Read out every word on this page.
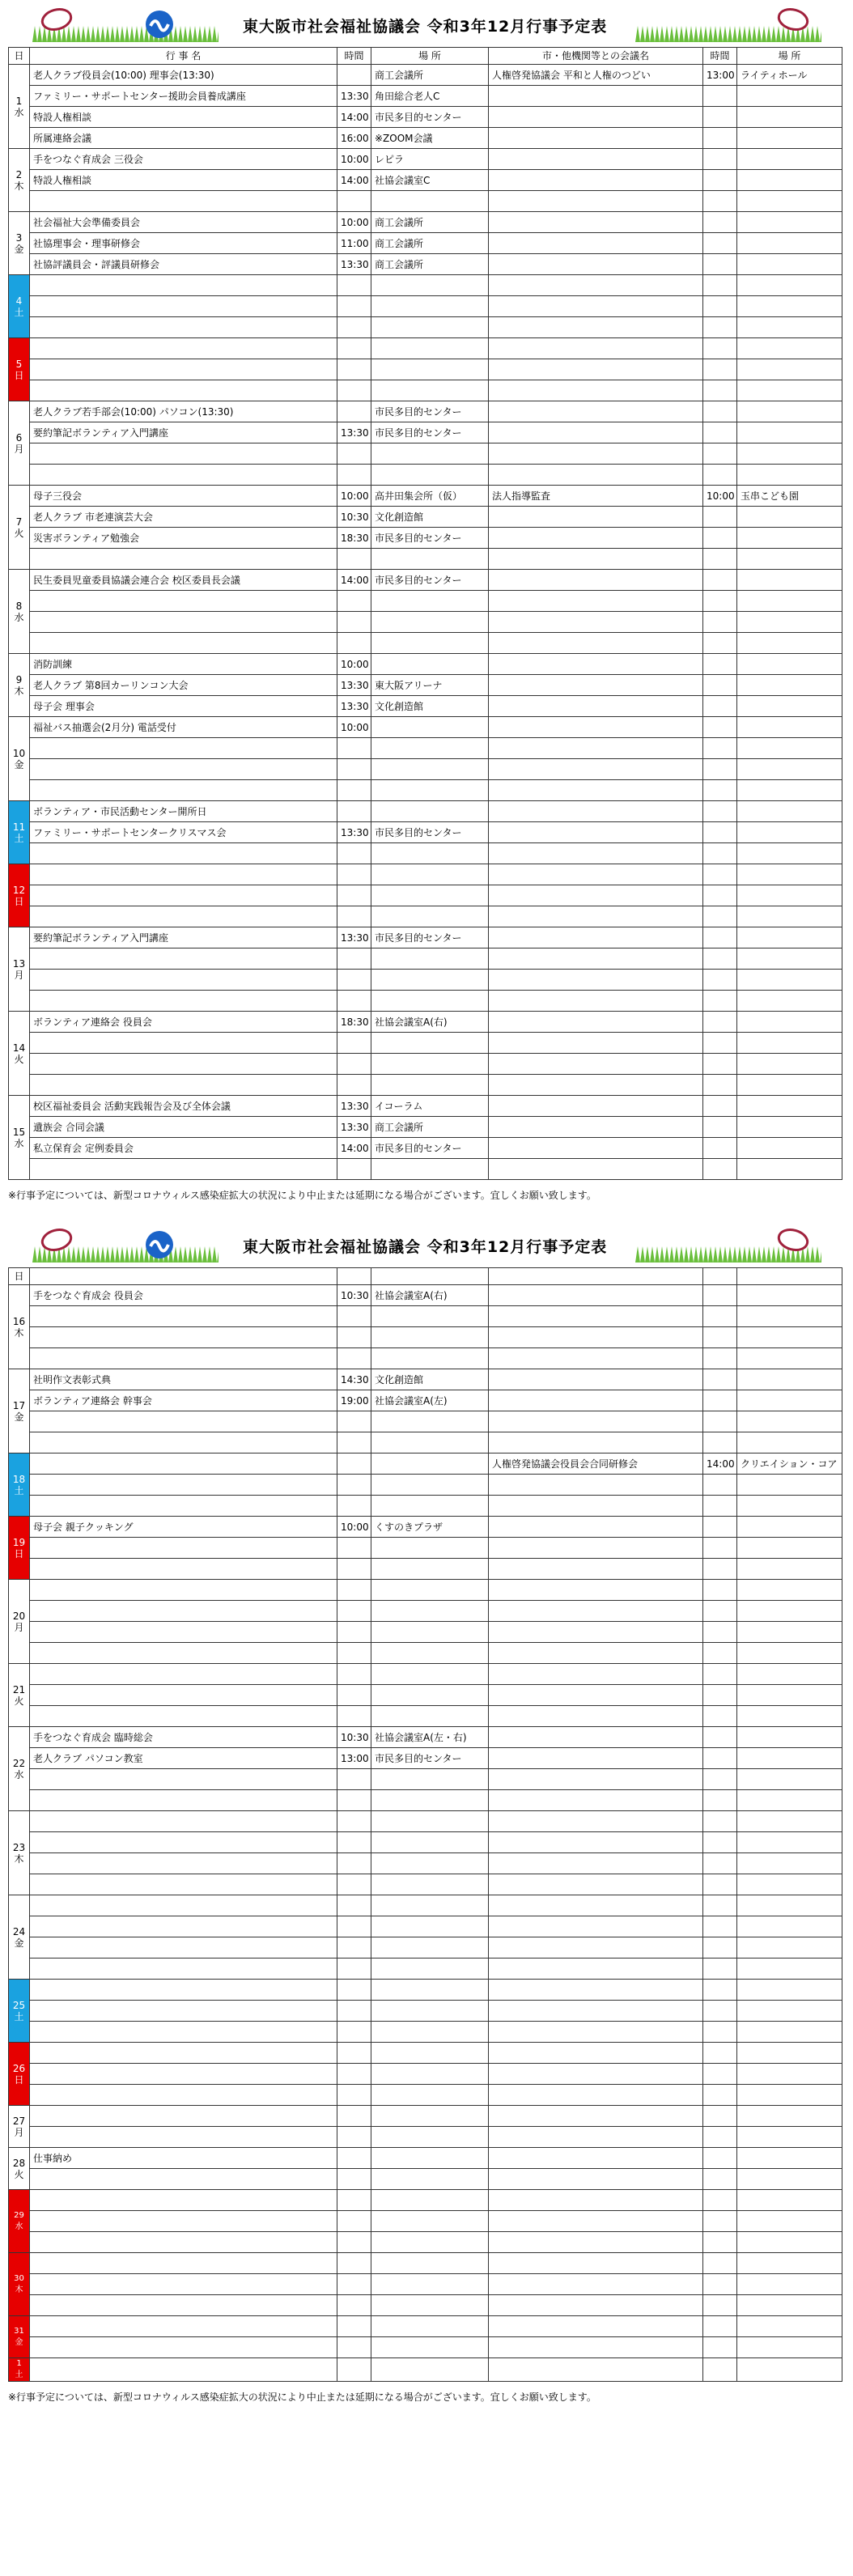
東大阪市社会福祉協議会 令和3年12月行事予定表
日	行 事 名	時間	場 所	市・他機関等との会議名	時間	場 所
1
水	老人クラブ役員会(10:00) 理事会(13:30)		商工会議所	人権啓発協議会 平和と人権のつどい	13:00	ライティホール
	ファミリー・サポートセンター援助会員養成講座	13:30	角田総合老人C			
	特設人権相談	14:00	市民多目的センター			
	所属連絡会議	16:00	※ZOOM会議			
2
木	手をつなぐ育成会 三役会	10:00	レピラ			
	特設人権相談	14:00	社協会議室C			

3
金	社会福祉大会準備委員会	10:00	商工会議所			
	社協理事会・理事研修会	11:00	商工会議所			
	社協評議員会・評議員研修会	13:30	商工会議所			
4
土						

5
日						

6
月	老人クラブ若手部会(10:00) パソコン(13:30)		市民多目的センター			
	要約筆記ボランティア入門講座	13:30	市民多目的センター			

7
火	母子三役会	10:00	高井田集会所（仮）	法人指導監査	10:00	玉串こども園
	老人クラブ 市老連演芸大会	10:30	文化創造館			
	災害ボランティア勉強会	18:30	市民多目的センター			

8
水	民生委員児童委員協議会連合会 校区委員長会議	14:00	市民多目的センター			

9
木	消防訓練	10:00				
	老人クラブ 第8回カーリンコン大会	13:30	東大阪アリーナ			
	母子会 理事会	13:30	文化創造館			
10
金	福祉バス抽選会(2月分) 電話受付	10:00				

11
土	ボランティア・市民活動センター開所日					
	ファミリー・サポートセンタークリスマス会	13:30	市民多目的センター			

12
日						

13
月	要約筆記ボランティア入門講座	13:30	市民多目的センター			

14
火	ボランティア連絡会 役員会	18:30	社協会議室A(右)			

15
水	校区福祉委員会 活動実践報告会及び全体会議	13:30	イコーラム			
	遺族会 合同会議	13:30	商工会議所			
	私立保育会 定例委員会	14:00	市民多目的センター			

※行事予定については、新型コロナウィルス感染症拡大の状況により中止または延期になる場合がございます。宜しくお願い致します。
東大阪市社会福祉協議会 令和3年12月行事予定表
日						
16
木	手をつなぐ育成会 役員会	10:30	社協会議室A(右)			

17
金	社明作文表彰式典	14:30	文化創造館			
	ボランティア連絡会 幹事会	19:00	社協会議室A(左)			

18
土				人権啓発協議会役員会合同研修会	14:00	クリエイション・コア

19
日	母子会 親子クッキング	10:00	くすのきプラザ			

20
月						

21
火						

22
水	手をつなぐ育成会 臨時総会	10:30	社協会議室A(左・右)			
	老人クラブ パソコン教室	13:00	市民多目的センター			

23
木						

24
金						

25
土						

26
日						

27
月						

28
火	仕事納め					

29
水						

30
木						

31
金						

1
土						
※行事予定については、新型コロナウィルス感染症拡大の状況により中止または延期になる場合がございます。宜しくお願い致します。
